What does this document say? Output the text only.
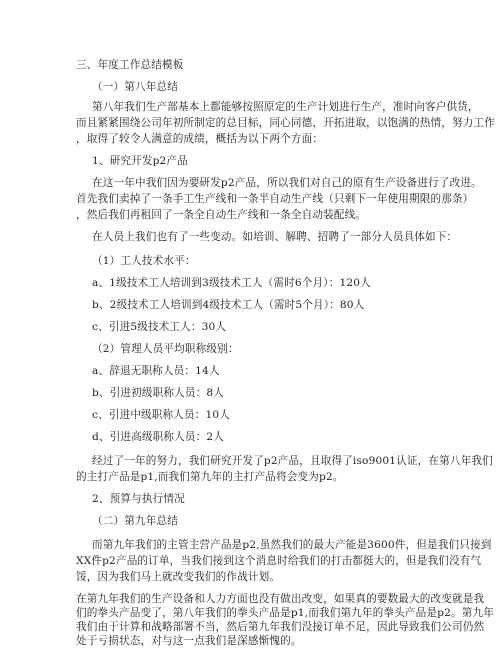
三、年度工作总结模板
（一）第八年总结
第八年我们生产部基本上都能够按照原定的生产计划进行生产，准时向客户供货，
而且紧紧围绕公司年初所制定的总目标，同心同德，开拓进取，以饱满的热情，努力工作
，取得了较令人满意的成绩，概括为以下两个方面：
1、研究开发p2产品
在这一年中我们因为要研发p2产品，所以我们对自己的原有生产设备进行了改进。
首先我们卖掉了一条手工生产线和一条半自动生产线（只剩下一年使用期限的那条）
，然后我们再租回了一条全自动生产线和一条全自动装配线。
在人员上我们也有了一些变动。如培训、解聘、招聘了一部分人员具体如下：
（1）工人技术水平：
a、1级技术工人培训到3级技术工人（需时6个月）：120人
b、2级技术工人培训到4级技术工人（需时5个月）：80人
c、引进5级技术工人：30人
（2）管理人员平均职称级别：
a、辞退无职称人员：14人
b、引进初级职称人员：8人
c、引进中级职称人员：10人
d、引进高级职称人员：2人
经过了一年的努力，我们研究开发了p2产品，且取得了iso9001认证，在第八年我们
的主打产品是p1,而我们第九年的主打产品将会变为p2。
2、预算与执行情况
（二）第九年总结
而第九年我们的主管主营产品是p2,虽然我们的最大产能是3600件，但是我们只接到
XX件p2产品的订单，当我们接到这个消息时给我们的打击都挺大的，但是我们没有气
馁，因为我们马上就改变我们的作战计划。
在第九年我们的生产设备和人力方面也没有做出改变，如果真的要数最大的改变就是我
们的拳头产品变了，第八年我们的拳头产品是p1,而我们第九年的拳头产品是p2。第九年
我们由于计算和战略部署不当，然后第九年我们没接订单不足，因此导致我们公司仍然
处于亏损状态，对与这一点我们是深感惭愧的。
